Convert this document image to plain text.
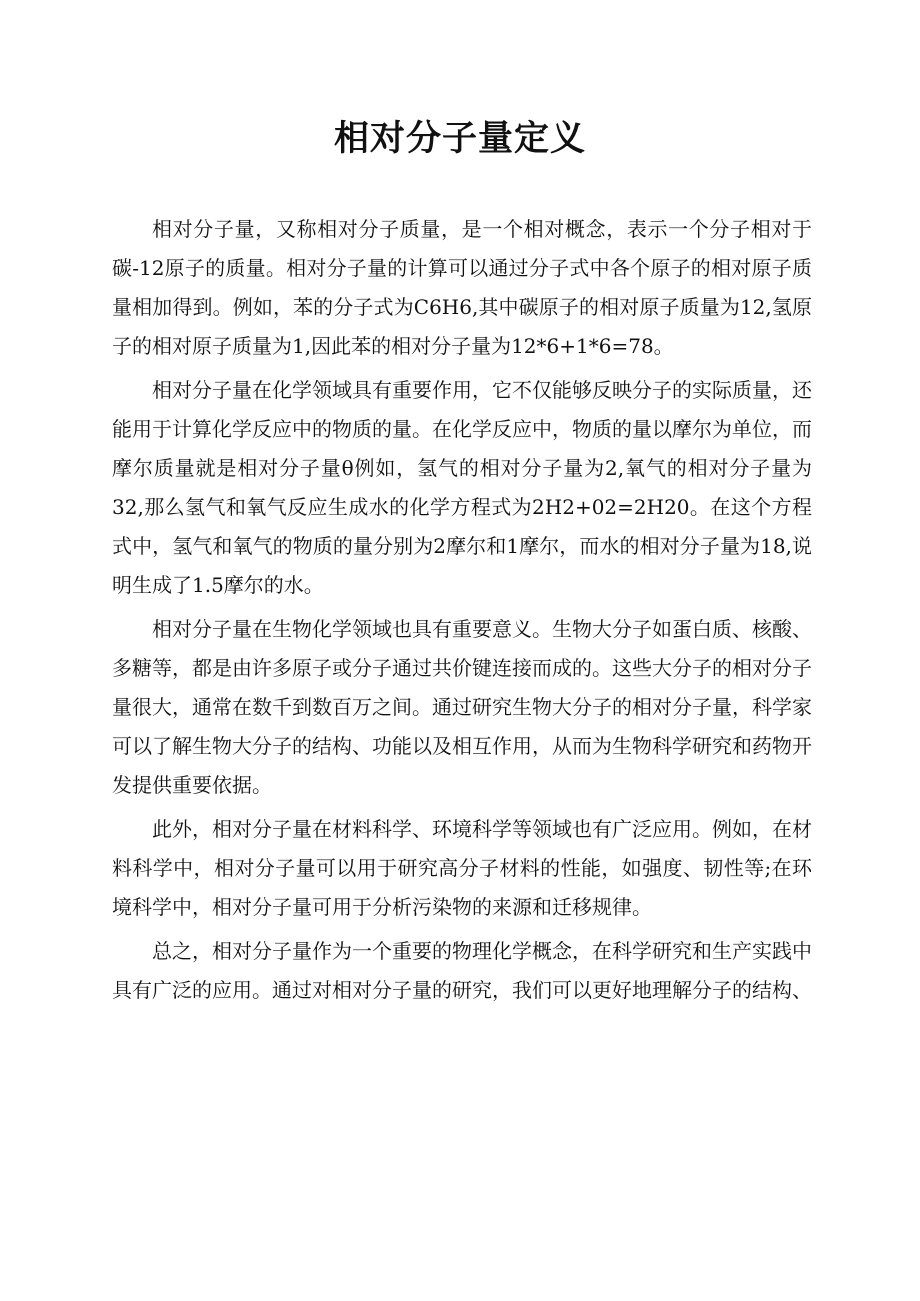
相对分子量定义

相对分子量，又称相对分子质量，是一个相对概念，表示一个分子相对于碳-12原子的质量。相对分子量的计算可以通过分子式中各个原子的相对原子质量相加得到。例如，苯的分子式为C6H6,其中碳原子的相对原子质量为12,氢原子的相对原子质量为1,因此苯的相对分子量为12*6+1*6=78。

相对分子量在化学领域具有重要作用，它不仅能够反映分子的实际质量，还能用于计算化学反应中的物质的量。在化学反应中，物质的量以摩尔为单位，而摩尔质量就是相对分子量θ例如，氢气的相对分子量为2,氧气的相对分子量为32,那么氢气和氧气反应生成水的化学方程式为2H2+02=2H20。在这个方程式中，氢气和氧气的物质的量分别为2摩尔和1摩尔，而水的相对分子量为18,说明生成了1.5摩尔的水。

相对分子量在生物化学领域也具有重要意义。生物大分子如蛋白质、核酸、多糖等，都是由许多原子或分子通过共价键连接而成的。这些大分子的相对分子量很大，通常在数千到数百万之间。通过研究生物大分子的相对分子量，科学家可以了解生物大分子的结构、功能以及相互作用，从而为生物科学研究和药物开发提供重要依据。

此外，相对分子量在材料科学、环境科学等领域也有广泛应用。例如，在材料科学中，相对分子量可以用于研究高分子材料的性能，如强度、韧性等;在环境科学中，相对分子量可用于分析污染物的来源和迁移规律。

总之，相对分子量作为一个重要的物理化学概念，在科学研究和生产实践中具有广泛的应用。通过对相对分子量的研究，我们可以更好地理解分子的结构、
